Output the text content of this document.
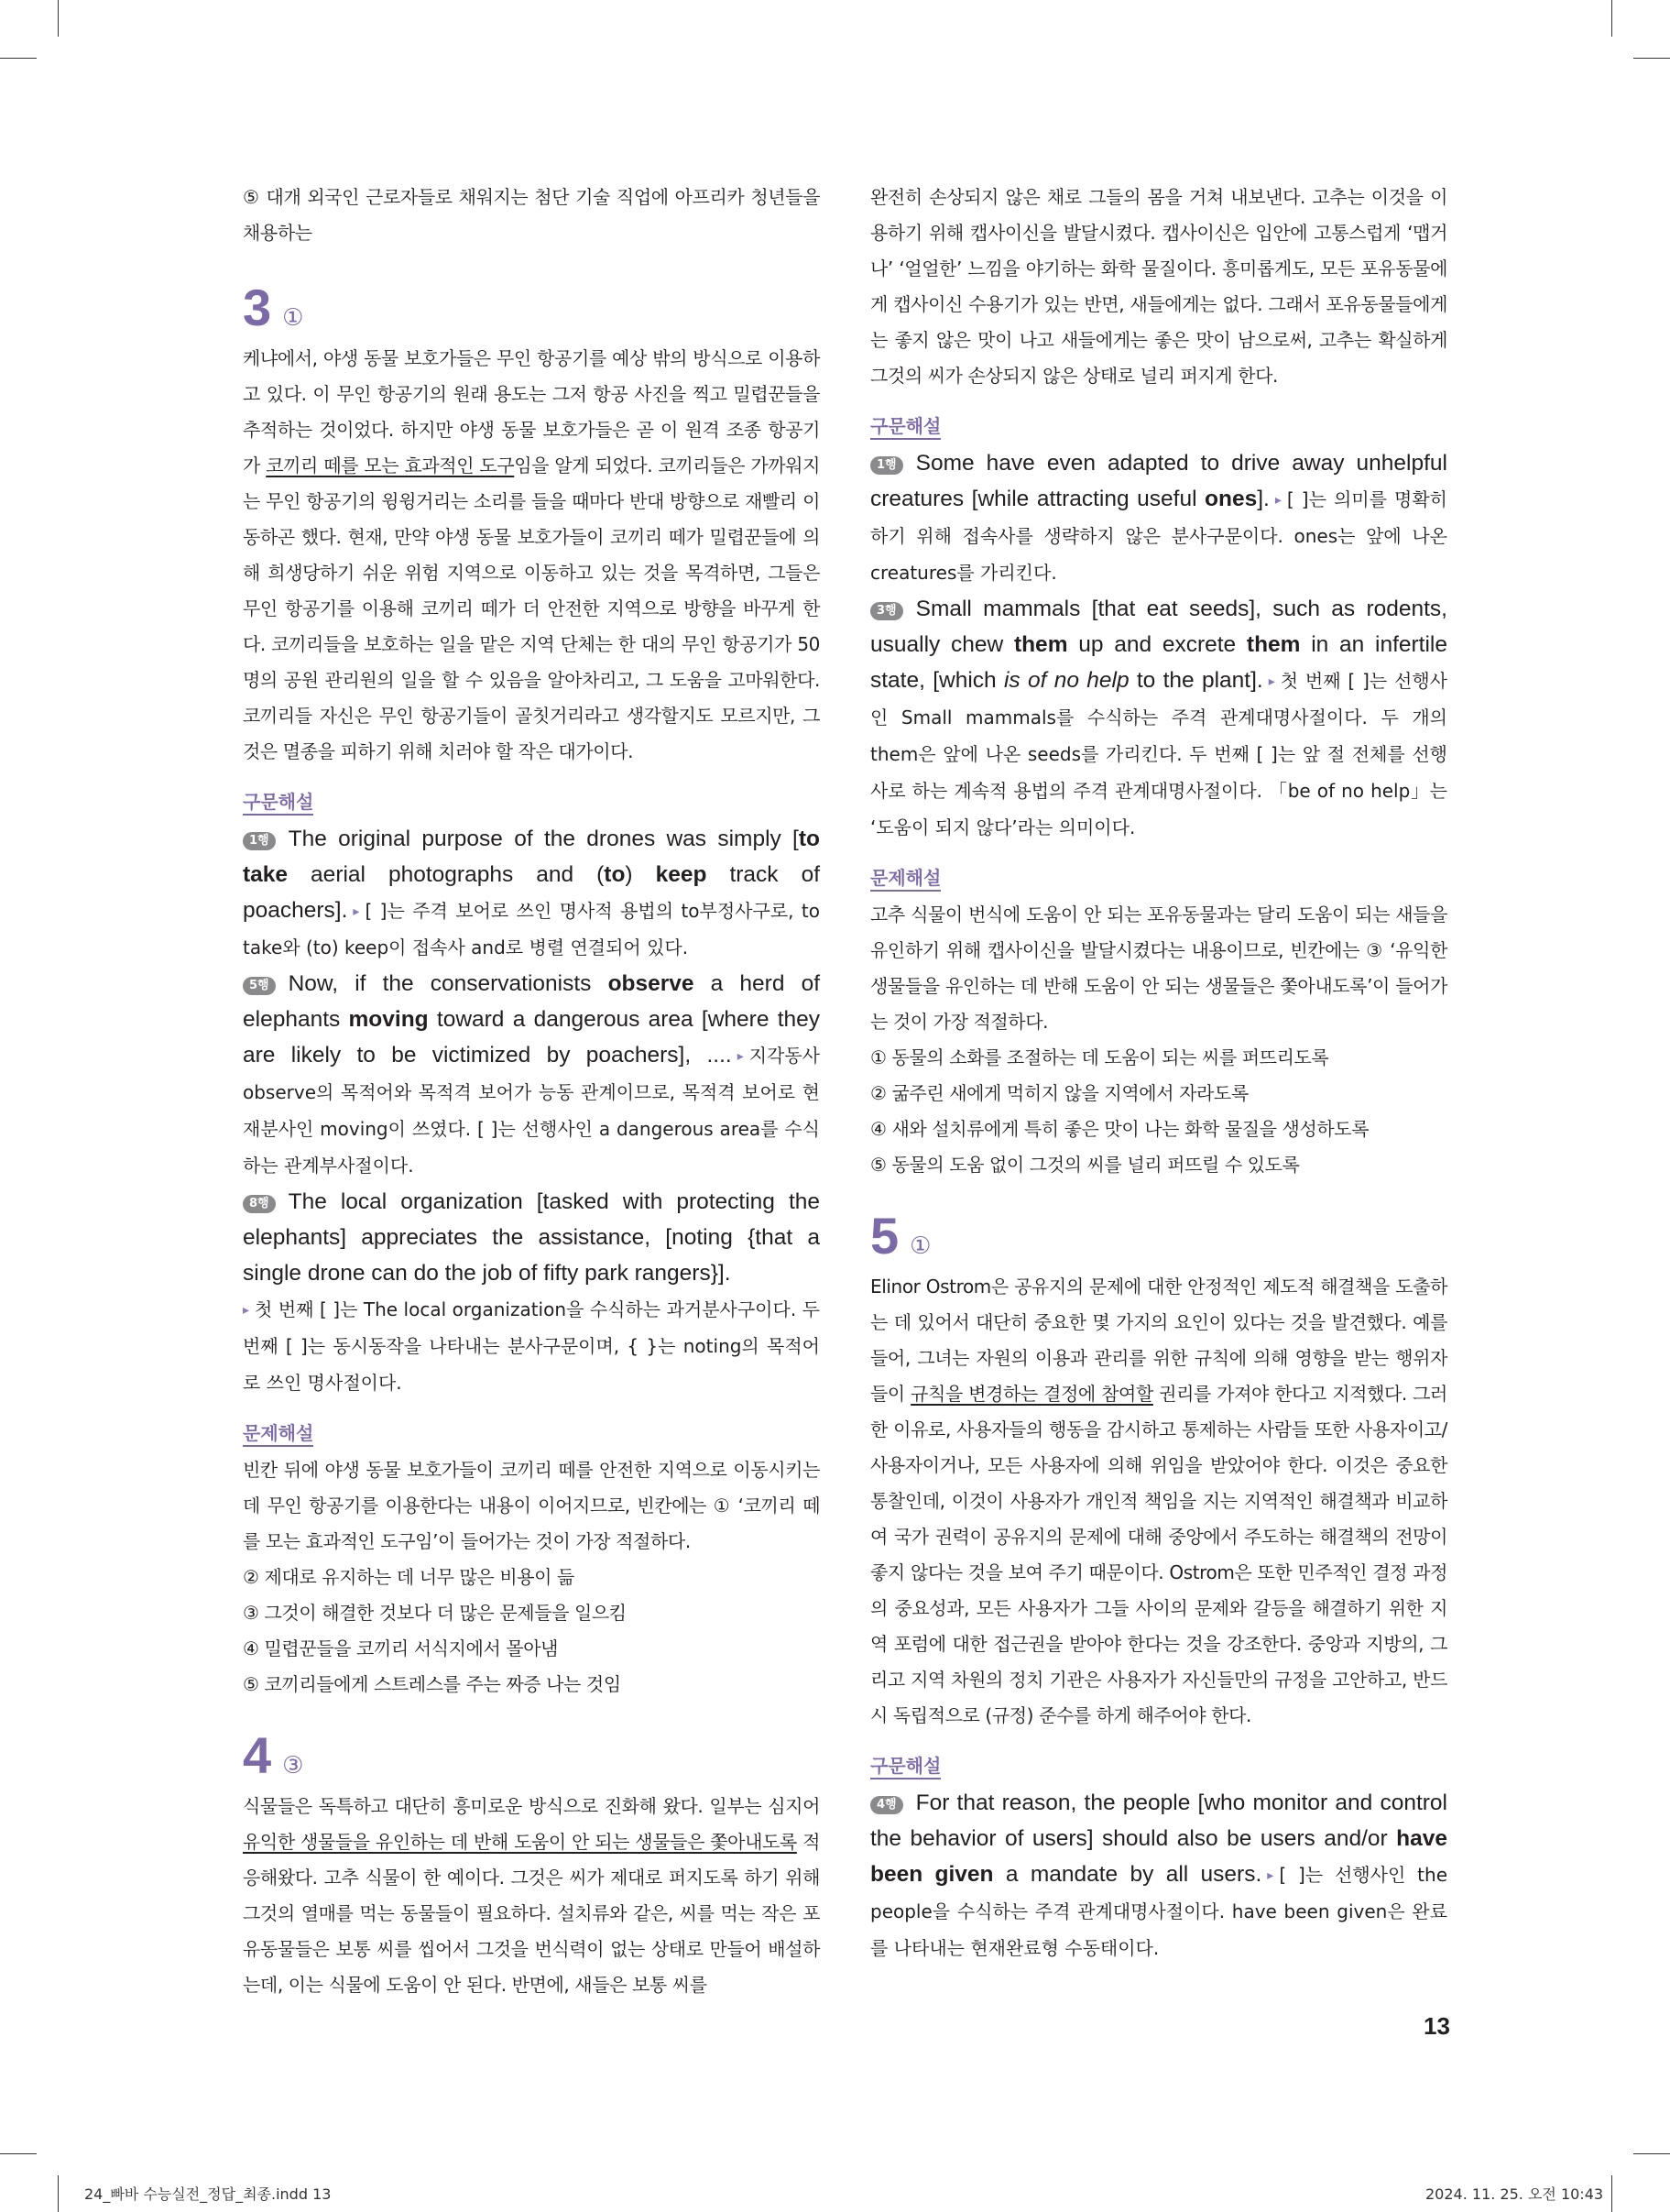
⑤ 대개 외국인 근로자들로 채워지는 첨단 기술 직업에 아프리카 청년들을 채용하는

3 ①

케냐에서, 야생 동물 보호가들은 무인 항공기를 예상 밖의 방식으로 이용하고 있다. 이 무인 항공기의 원래 용도는 그저 항공 사진을 찍고 밀렵꾼들을 추적하는 것이었다. 하지만 야생 동물 보호가들은 곧 이 원격 조종 항공기가 코끼리 떼를 모는 효과적인 도구임을 알게 되었다. 코끼리들은 가까워지는 무인 항공기의 윙윙거리는 소리를 들을 때마다 반대 방향으로 재빨리 이동하곤 했다. 현재, 만약 야생 동물 보호가들이 코끼리 떼가 밀렵꾼들에 의해 희생당하기 쉬운 위험 지역으로 이동하고 있는 것을 목격하면, 그들은 무인 항공기를 이용해 코끼리 떼가 더 안전한 지역으로 방향을 바꾸게 한다. 코끼리들을 보호하는 일을 맡은 지역 단체는 한 대의 무인 항공기가 50명의 공원 관리원의 일을 할 수 있음을 알아차리고, 그 도움을 고마워한다. 코끼리들 자신은 무인 항공기들이 골칫거리라고 생각할지도 모르지만, 그것은 멸종을 피하기 위해 치러야 할 작은 대가이다.

구문해설

1행 The original purpose of the drones was simply [to take aerial photographs and (to) keep track of poachers]. ▸ [ ]는 주격 보어로 쓰인 명사적 용법의 to부정사구로, to take와 (to) keep이 접속사 and로 병렬 연결되어 있다.

5행 Now, if the conservationists observe a herd of elephants moving toward a dangerous area [where they are likely to be victimized by poachers], .... ▸ 지각동사 observe의 목적어와 목적격 보어가 능동 관계이므로, 목적격 보어로 현재분사인 moving이 쓰였다. [ ]는 선행사인 a dangerous area를 수식하는 관계부사절이다.

8행 The local organization [tasked with protecting the elephants] appreciates the assistance, [noting {that a single drone can do the job of fifty park rangers}].
▸ 첫 번째 [ ]는 The local organization을 수식하는 과거분사구이다. 두 번째 [ ]는 동시동작을 나타내는 분사구문이며, { }는 noting의 목적어로 쓰인 명사절이다.

문제해설

빈칸 뒤에 야생 동물 보호가들이 코끼리 떼를 안전한 지역으로 이동시키는 데 무인 항공기를 이용한다는 내용이 이어지므로, 빈칸에는 ① ‘코끼리 떼를 모는 효과적인 도구임’이 들어가는 것이 가장 적절하다.

② 제대로 유지하는 데 너무 많은 비용이 듦

③ 그것이 해결한 것보다 더 많은 문제들을 일으킴

④ 밀렵꾼들을 코끼리 서식지에서 몰아냄

⑤ 코끼리들에게 스트레스를 주는 짜증 나는 것임

4 ③

식물들은 독특하고 대단히 흥미로운 방식으로 진화해 왔다. 일부는 심지어 유익한 생물들을 유인하는 데 반해 도움이 안 되는 생물들은 쫓아내도록 적응해왔다. 고추 식물이 한 예이다. 그것은 씨가 제대로 퍼지도록 하기 위해 그것의 열매를 먹는 동물들이 필요하다. 설치류와 같은, 씨를 먹는 작은 포유동물들은 보통 씨를 씹어서 그것을 번식력이 없는 상태로 만들어 배설하는데, 이는 식물에 도움이 안 된다. 반면에, 새들은 보통 씨를

완전히 손상되지 않은 채로 그들의 몸을 거쳐 내보낸다. 고추는 이것을 이용하기 위해 캡사이신을 발달시켰다. 캡사이신은 입안에 고통스럽게 ‘맵거나’ ‘얼얼한’ 느낌을 야기하는 화학 물질이다. 흥미롭게도, 모든 포유동물에게 캡사이신 수용기가 있는 반면, 새들에게는 없다. 그래서 포유동물들에게는 좋지 않은 맛이 나고 새들에게는 좋은 맛이 남으로써, 고추는 확실하게 그것의 씨가 손상되지 않은 상태로 널리 퍼지게 한다.

구문해설

1행 Some have even adapted to drive away unhelpful creatures [while attracting useful ones]. ▸ [ ]는 의미를 명확히 하기 위해 접속사를 생략하지 않은 분사구문이다. ones는 앞에 나온 creatures를 가리킨다.

3행 Small mammals [that eat seeds], such as rodents, usually chew them up and excrete them in an infertile state, [which is of no help to the plant]. ▸ 첫 번째 [ ]는 선행사인 Small mammals를 수식하는 주격 관계대명사절이다. 두 개의 them은 앞에 나온 seeds를 가리킨다. 두 번째 [ ]는 앞 절 전체를 선행사로 하는 계속적 용법의 주격 관계대명사절이다. 「be of no help」는 ‘도움이 되지 않다’라는 의미이다.

문제해설

고추 식물이 번식에 도움이 안 되는 포유동물과는 달리 도움이 되는 새들을 유인하기 위해 캡사이신을 발달시켰다는 내용이므로, 빈칸에는 ③ ‘유익한 생물들을 유인하는 데 반해 도움이 안 되는 생물들은 쫓아내도록’이 들어가는 것이 가장 적절하다.

① 동물의 소화를 조절하는 데 도움이 되는 씨를 퍼뜨리도록

② 굶주린 새에게 먹히지 않을 지역에서 자라도록

④ 새와 설치류에게 특히 좋은 맛이 나는 화학 물질을 생성하도록

⑤ 동물의 도움 없이 그것의 씨를 널리 퍼뜨릴 수 있도록

5 ①

Elinor Ostrom은 공유지의 문제에 대한 안정적인 제도적 해결책을 도출하는 데 있어서 대단히 중요한 몇 가지의 요인이 있다는 것을 발견했다. 예를 들어, 그녀는 자원의 이용과 관리를 위한 규칙에 의해 영향을 받는 행위자들이 규칙을 변경하는 결정에 참여할 권리를 가져야 한다고 지적했다. 그러한 이유로, 사용자들의 행동을 감시하고 통제하는 사람들 또한 사용자이고/사용자이거나, 모든 사용자에 의해 위임을 받았어야 한다. 이것은 중요한 통찰인데, 이것이 사용자가 개인적 책임을 지는 지역적인 해결책과 비교하여 국가 권력이 공유지의 문제에 대해 중앙에서 주도하는 해결책의 전망이 좋지 않다는 것을 보여 주기 때문이다. Ostrom은 또한 민주적인 결정 과정의 중요성과, 모든 사용자가 그들 사이의 문제와 갈등을 해결하기 위한 지역 포럼에 대한 접근권을 받아야 한다는 것을 강조한다. 중앙과 지방의, 그리고 지역 차원의 정치 기관은 사용자가 자신들만의 규정을 고안하고, 반드시 독립적으로 (규정) 준수를 하게 해주어야 한다.

구문해설

4행 For that reason, the people [who monitor and control the behavior of users] should also be users and/or have been given a mandate by all users. ▸ [ ]는 선행사인 the people을 수식하는 주격 관계대명사절이다. have been given은 완료를 나타내는 현재완료형 수동태이다.

13
24_빠바 수능실전_정답_최종.indd 13	2024. 11. 25. 오전 10:43
